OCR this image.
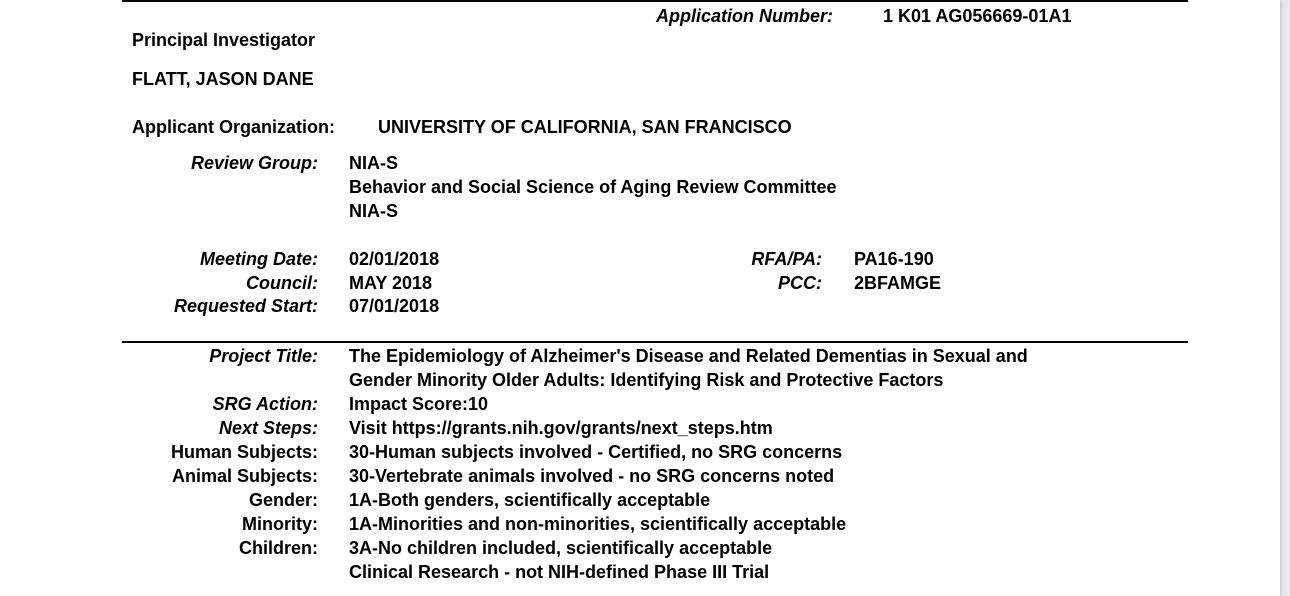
Application Number:	1 K01 AG056669-01A1
Principal Investigator
FLATT, JASON DANE
Applicant Organization: UNIVERSITY OF CALIFORNIA, SAN FRANCISCO
Review Group: NIA-S
Behavior and Social Science of Aging Review Committee
NIA-S
Meeting Date: 02/01/2018
Council: MAY 2018
Requested Start: 07/01/2018
RFA/PA: PA16-190
PCC: 2BFAMGE
Project Title: The Epidemiology of Alzheimer's Disease and Related Dementias in Sexual and
Gender Minority Older Adults: Identifying Risk and Protective Factors
SRG Action: Impact Score:10
Next Steps: Visit https://grants.nih.gov/grants/next_steps.htm
Human Subjects: 30-Human subjects involved - Certified, no SRG concerns
Animal Subjects: 30-Vertebrate animals involved - no SRG concerns noted
Gender: 1A-Both genders, scientifically acceptable
Minority: 1A-Minorities and non-minorities, scientifically acceptable
Children: 3A-No children included, scientifically acceptable
Clinical Research - not NIH-defined Phase III Trial
